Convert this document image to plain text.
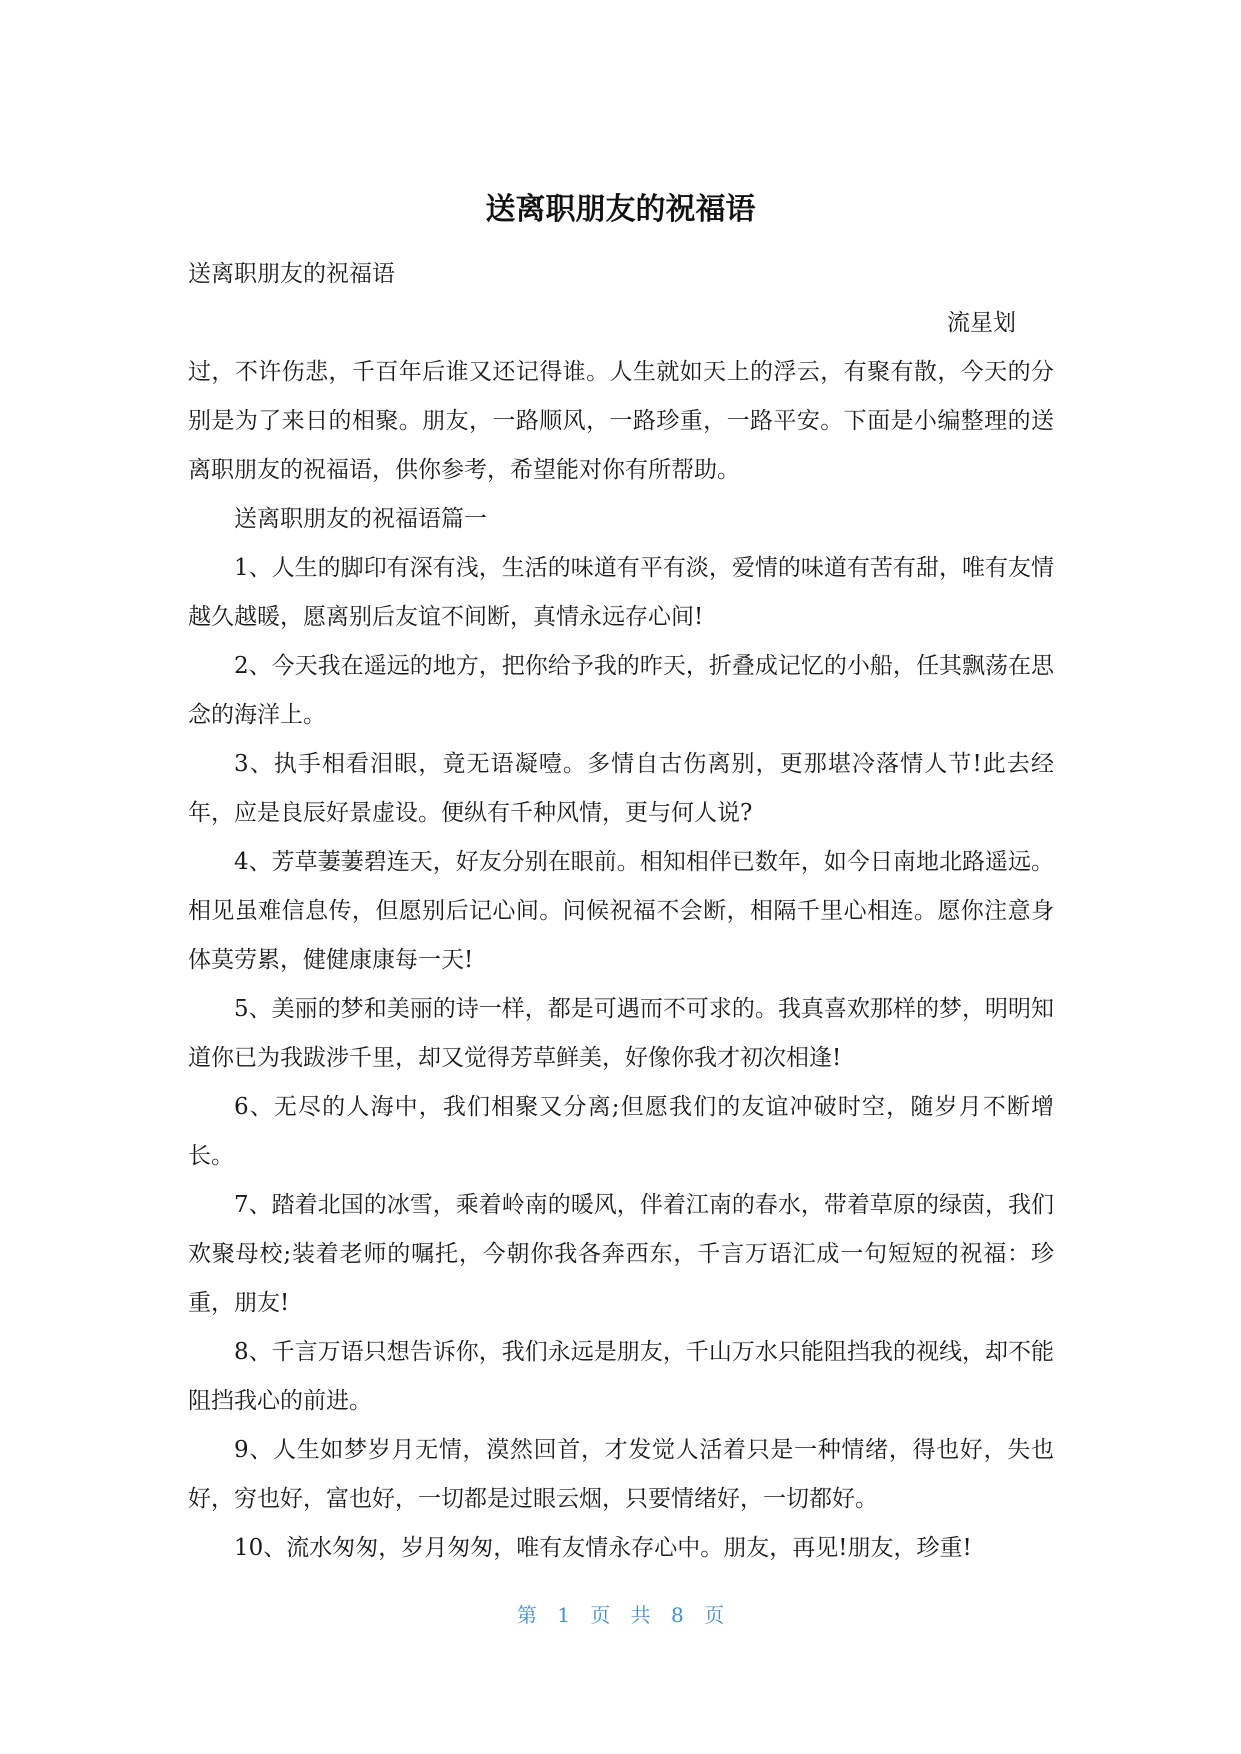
送离职朋友的祝福语

送离职朋友的祝福语

流星划

过，不许伤悲，千百年后谁又还记得谁。人生就如天上的浮云，有聚有散，今天的分别是为了来日的相聚。朋友，一路顺风，一路珍重，一路平安。下面是小编整理的送离职朋友的祝福语，供你参考，希望能对你有所帮助。

送离职朋友的祝福语篇一

1、人生的脚印有深有浅，生活的味道有平有淡，爱情的味道有苦有甜，唯有友情越久越暖，愿离别后友谊不间断，真情永远存心间!

2、今天我在遥远的地方，把你给予我的昨天，折叠成记忆的小船，任其飘荡在思念的海洋上。

3、执手相看泪眼，竟无语凝噎。多情自古伤离别，更那堪冷落情人节!此去经年，应是良辰好景虚设。便纵有千种风情，更与何人说?

4、芳草萋萋碧连天，好友分别在眼前。相知相伴已数年，如今日南地北路遥远。相见虽难信息传，但愿别后记心间。问候祝福不会断，相隔千里心相连。愿你注意身体莫劳累，健健康康每一天!

5、美丽的梦和美丽的诗一样，都是可遇而不可求的。我真喜欢那样的梦，明明知道你已为我跋涉千里，却又觉得芳草鲜美，好像你我才初次相逢!

6、无尽的人海中，我们相聚又分离;但愿我们的友谊冲破时空，随岁月不断增长。

7、踏着北国的冰雪，乘着岭南的暖风，伴着江南的春水，带着草原的绿茵，我们欢聚母校;装着老师的嘱托，今朝你我各奔西东，千言万语汇成一句短短的祝福：珍重，朋友!

8、千言万语只想告诉你，我们永远是朋友，千山万水只能阻挡我的视线，却不能阻挡我心的前进。

9、人生如梦岁月无情，漠然回首，才发觉人活着只是一种情绪，得也好，失也好，穷也好，富也好，一切都是过眼云烟，只要情绪好，一切都好。

10、流水匆匆，岁月匆匆，唯有友情永存心中。朋友，再见!朋友，珍重!

第 1 页 共 8 页
